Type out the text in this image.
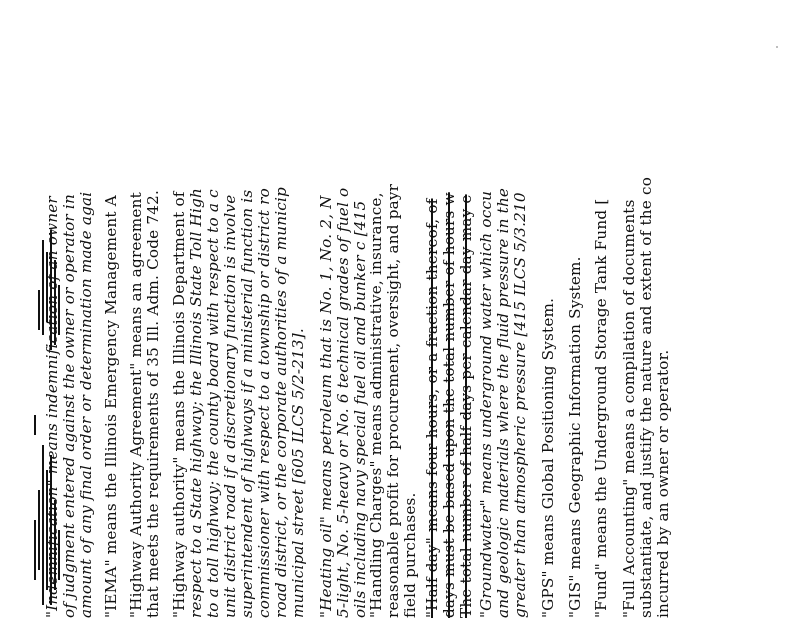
"Full Accounting" means a compilation of documents substantiate, and justify the nature and extent of the co incurred by an owner or operator.
"Fund" means the Underground Storage Tank Fund [
"GIS" means Geographic Information System.
"GPS" means Global Positioning System.
"Groundwater" means underground water which occu and geologic materials where the fluid pressure in the greater than atmospheric pressure [415 ILCS 5/3.210
"Half day" means four hours, or a fraction thereof, of days must be based upon the total number of hours w The total number of half days per calendar day may e
"Handling Charges" means administrative, insurance, reasonable profit for procurement, oversight, and payr field purchases.
"Heating oil" means petroleum that is No. 1, No. 2, N 5-light, No. 5-heavy or No. 6 technical grades of fuel o oils including navy special fuel oil and bunker c [415
"Highway authority" means the Illinois Department of respect to a State highway; the Illinois State Toll High to a toll highway; the county board with respect to a c unit district road if a discretionary function is involve superintendent of highways if a ministerial function is commissioner with respect to a township or district ro road district, or the corporate authorities of a municip municipal street [605 ILCS 5/2-213].
"Highway Authority Agreement" means an agreement that meets the requirements of 35 Ill. Adm. Code 742.
"IEMA" means the Illinois Emergency Management A
"Indemnification" means indemnification of an owner of judgment entered against the owner or operator in amount of any final order or determination made agai
